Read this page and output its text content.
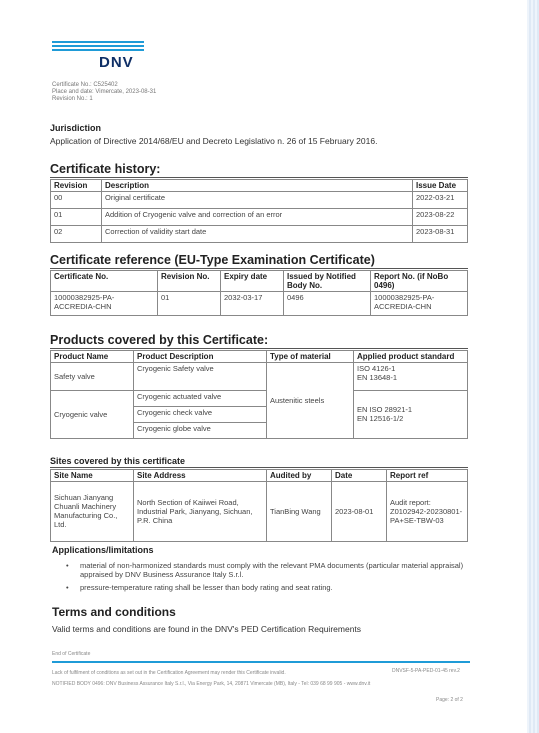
DNV
Certificate No.: C525402
Place and date: Vimercate, 2023-08-31
Revision No.: 1
Jurisdiction
Application of Directive 2014/68/EU and Decreto Legislativo n. 26 of 15 February 2016.
Certificate history:
Revision	Description	Issue Date
00	Original certificate	2022-03-21
01	Addition of Cryogenic valve and correction of an error	2023-08-22
02	Correction of validity start date	2023-08-31
Certificate reference (EU-Type Examination Certificate)
Certificate No.	Revision No.	Expiry date	Issued by Notified Body No.	Report No. (if NoBo 0496)
10000382925-PA-ACCREDIA-CHN	01	2032-03-17	0496	10000382925-PA-ACCREDIA-CHN
Products covered by this Certificate:
Product Name	Product Description	Type of material	Applied product standard
Safety valve	Cryogenic Safety valve	Austenitic steels	ISO 4126-1
EN 13648-1

Cryogenic valve	Cryogenic actuated valve		EN ISO 28921-1
EN 12516-1/2

	Cryogenic check valve		
	Cryogenic globe valve		
Sites covered by this certificate
Site Name	Site Address	Audited by	Date	Report ref
Sichuan Jianyang Chuanli Machinery Manufacturing Co., Ltd.	North Section of Kaiiwei Road, Industrial Park, Jianyang, Sichuan, P.R. China	TianBing Wang	2023-08-01	Audit report: Z0102942-20230801-PA+SE-TBW-03
Applications/limitations
•	material of non-harmonized standards must comply with the relevant PMA documents (particular material appraisal) appraised by DNV Business Assurance Italy S.r.l.
•	pressure-temperature rating shall be lesser than body rating and seat rating.
Terms and conditions
Valid terms and conditions are found in the DNV's PED Certification Requirements
End of Certificate
Lack of fulfilment of conditions as set out in the Certification Agreement may render this Certificate invalid.	DNVSF-5-PA-PED-01-45 rev.2
NOTIFIED BODY 0496: DNV Business Assurance Italy S.r.l., Via Energy Park, 14, 20871 Vimercate (MB), Italy - Tel: 039 68 99 905 - www.dnv.it
Page: 2 of 2
